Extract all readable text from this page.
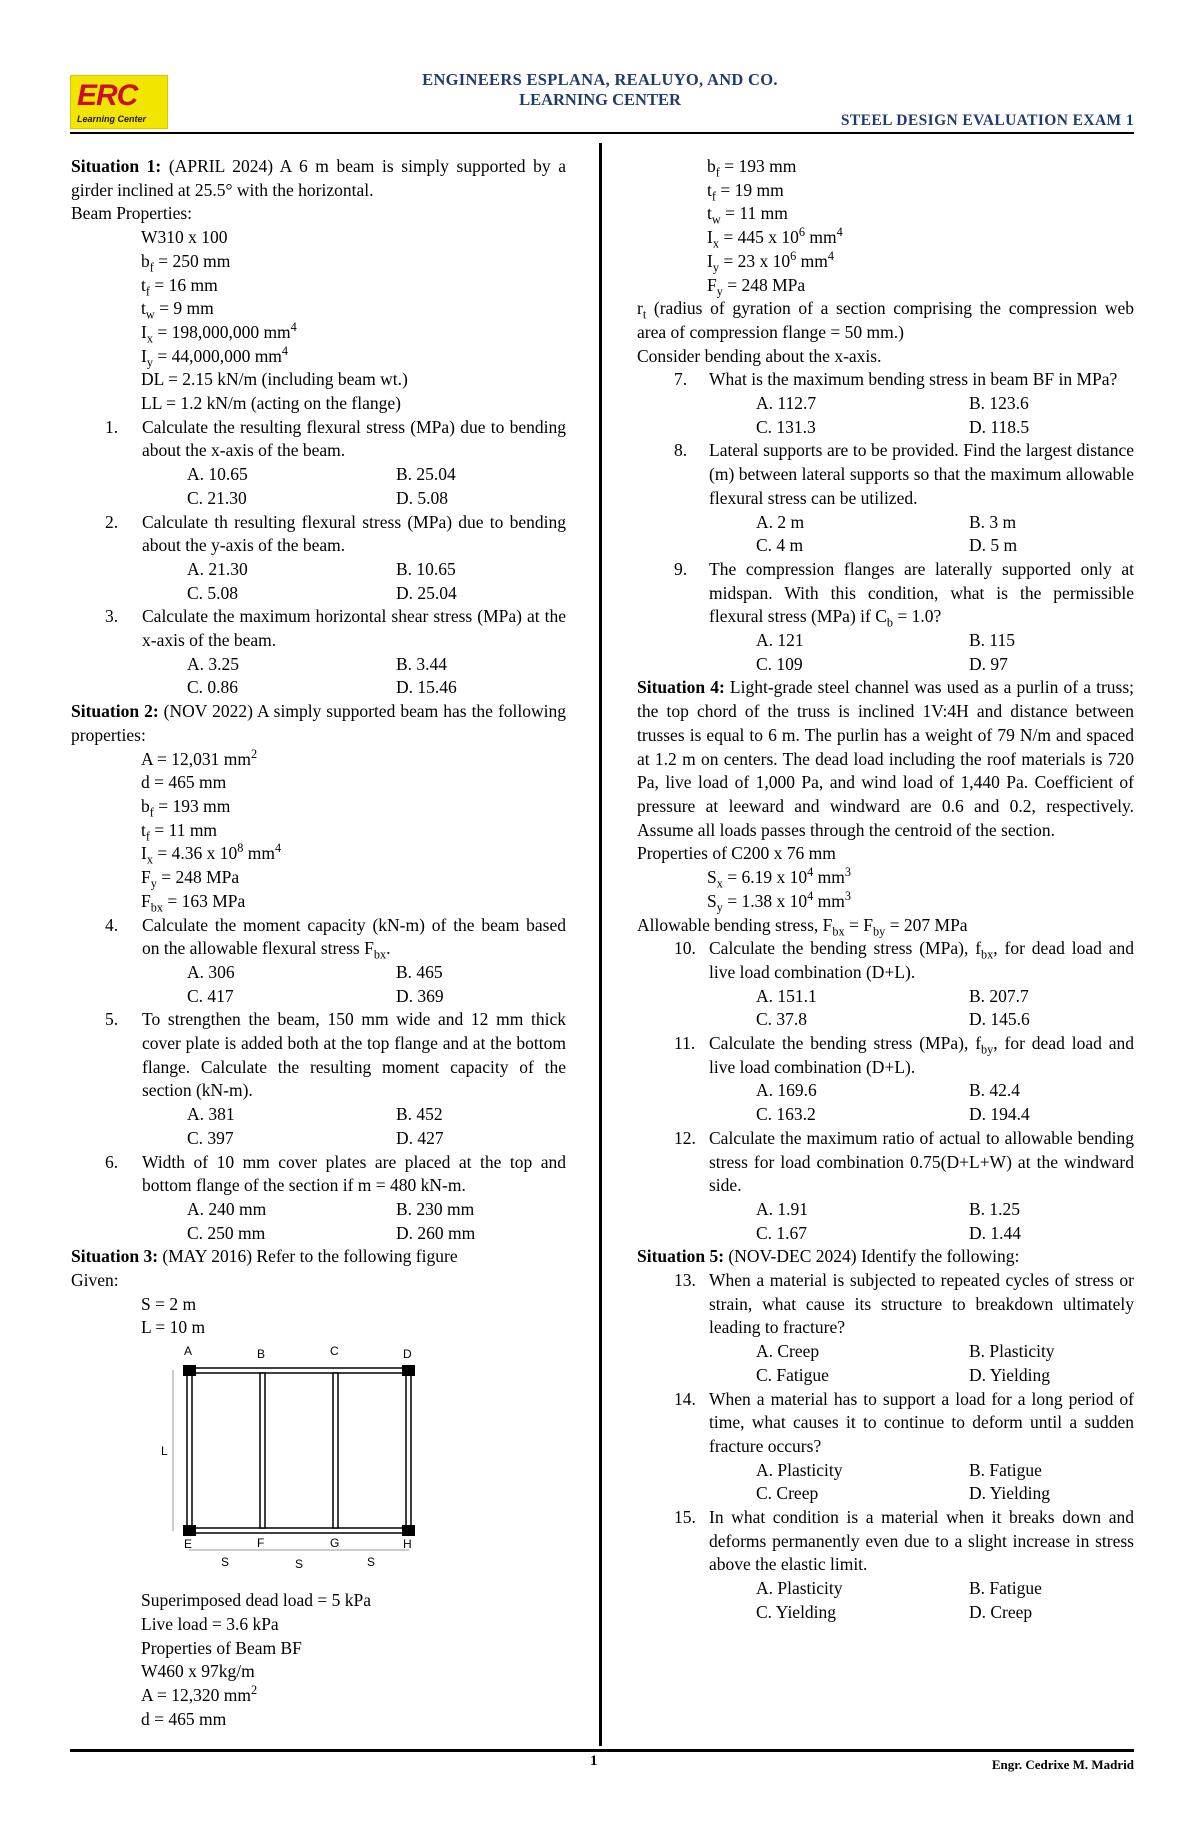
ERC
Learning Center
ENGINEERS ESPLANA, REALUYO, AND CO.
LEARNING CENTER
STEEL DESIGN EVALUATION EXAM 1

Situation 1: (APRIL 2024) A 6 m beam is simply supported by a girder inclined at 25.5° with the horizontal.

Beam Properties:
W310 x 100
$b_f = 250$ mm
$t_f = 16$ mm
$t_w = 9$ mm
$I_x = 198,000,000$ $mm^4$
$I_y = 44,000,000$ $mm^4$
DL = 2.15 kN/m (including beam wt.)
LL = 1.2 kN/m (acting on the flange)
1. Calculate the resulting flexural stress (MPa) due to bending about the x-axis of the beam.
A. 10.65	B. 25.04
C. 21.30	D. 5.08
2. Calculate th resulting flexural stress (MPa) due to bending about the y-axis of the beam.
A. 21.30	B. 10.65
C. 5.08	D. 25.04
3. Calculate the maximum horizontal shear stress (MPa) at the x-axis of the beam.
A. 3.25	B. 3.44
C. 0.86	D. 15.46

Situation 2: (NOV 2022) A simply supported beam has the following properties:

A = 12,031 $mm^2$
d = 465 mm
$b_f = 193$ mm
$t_f = 11$ mm
$I_x = 4.36$ x $10^8$ $mm^4$
$F_y = 248$ MPa
$F_{bx} = 163$ MPa
4. Calculate the moment capacity (kN-m) of the beam based on the allowable flexural stress $F_{bx}$.
A. 306	B. 465
C. 417	D. 369
5. To strengthen the beam, 150 mm wide and 12 mm thick cover plate is added both at the top flange and at the bottom flange. Calculate the resulting moment capacity of the section (kN-m).
A. 381	B. 452
C. 397	D. 427
6. Width of 10 mm cover plates are placed at the top and bottom flange of the section if m = 480 kN-m.
A. 240 mm	B. 230 mm
C. 250 mm	D. 260 mm

Situation 3: (MAY 2016) Refer to the following figure

Given:
S = 2 m
L = 10 m
A	B	C	D
E	F	G	H
L
S	S	S
Superimposed dead load = 5 kPa
Live load = 3.6 kPa
Properties of Beam BF
W460 x 97kg/m
A = 12,320 $mm^2$
d = 465 mm
$b_f = 193$ mm
$t_f = 19$ mm
$t_w = 11$ mm
$I_x = 445$ x $10^6$ $mm^4$
$I_y = 23$ x $10^6$ $mm^4$
$F_y = 248$ MPa

$r_t$ (radius of gyration of a section comprising the compression web area of compression flange = 50 mm.)

Consider bending about the x-axis.
7. What is the maximum bending stress in beam BF in MPa?
A. 112.7	B. 123.6
C. 131.3	D. 118.5
8. Lateral supports are to be provided. Find the largest distance (m) between lateral supports so that the maximum allowable flexural stress can be utilized.
A. 2 m	B. 3 m
C. 4 m	D. 5 m
9. The compression flanges are laterally supported only at midspan. With this condition, what is the permissible flexural stress (MPa) if $C_b = 1.0$?
A. 121	B. 115
C. 109	D. 97

Situation 4: Light-grade steel channel was used as a purlin of a truss; the top chord of the truss is inclined 1V:4H and distance between trusses is equal to 6 m. The purlin has a weight of 79 N/m and spaced at 1.2 m on centers. The dead load including the roof materials is 720 Pa, live load of 1,000 Pa, and wind load of 1,440 Pa. Coefficient of pressure at leeward and windward are 0.6 and 0.2, respectively. Assume all loads passes through the centroid of the section.

Properties of C200 x 76 mm
$S_x = 6.19$ x $10^4$ $mm^3$
$S_y = 1.38$ x $10^4$ $mm^3$
Allowable bending stress, $F_{bx} = F_{by} = 207$ MPa
10. Calculate the bending stress (MPa), $f_{bx}$, for dead load and live load combination (D+L).
A. 151.1	B. 207.7
C. 37.8	D. 145.6
11. Calculate the bending stress (MPa), $f_{by}$, for dead load and live load combination (D+L).
A. 169.6	B. 42.4
C. 163.2	D. 194.4
12. Calculate the maximum ratio of actual to allowable bending stress for load combination 0.75(D+L+W) at the windward side.
A. 1.91	B. 1.25
C. 1.67	D. 1.44

Situation 5: (NOV-DEC 2024) Identify the following:

13. When a material is subjected to repeated cycles of stress or strain, what cause its structure to breakdown ultimately leading to fracture?
A. Creep	B. Plasticity
C. Fatigue	D. Yielding
14. When a material has to support a load for a long period of time, what causes it to continue to deform until a sudden fracture occurs?
A. Plasticity	B. Fatigue
C. Creep	D. Yielding
15. In what condition is a material when it breaks down and deforms permanently even due to a slight increase in stress above the elastic limit.
A. Plasticity	B. Fatigue
C. Yielding	D. Creep
1	Engr. Cedrixe M. Madrid
